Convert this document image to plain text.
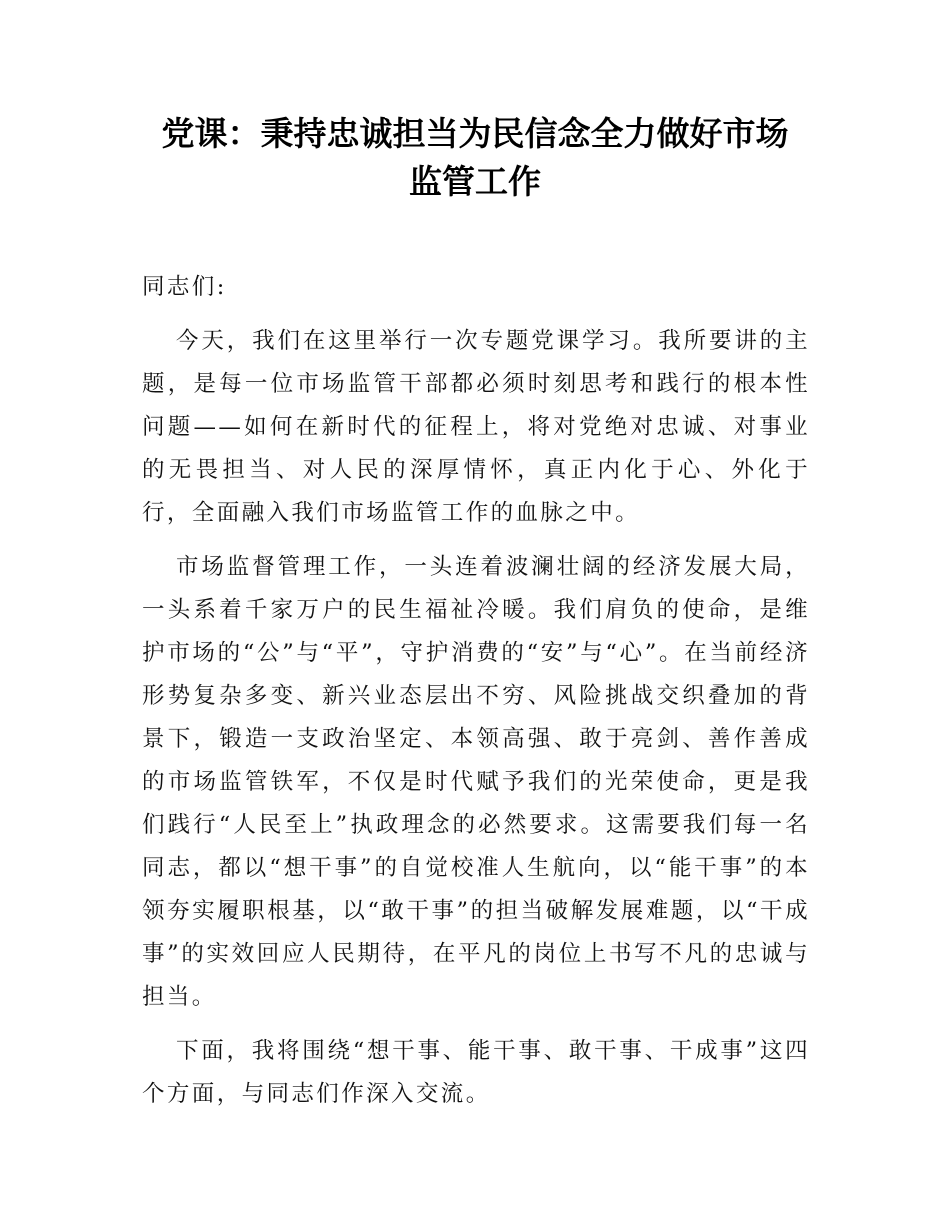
党课：秉持忠诚担当为民信念全力做好市场
监管工作

同志们:

今天，我们在这里举行一次专题党课学习。我所要讲的主题，是每一位市场监管干部都必须时刻思考和践行的根本性问题——如何在新时代的征程上，将对党绝对忠诚、对事业的无畏担当、对人民的深厚情怀，真正内化于心、外化于行，全面融入我们市场监管工作的血脉之中。

市场监督管理工作，一头连着波澜壮阔的经济发展大局，一头系着千家万户的民生福祉冷暖。我们肩负的使命，是维护市场的“公”与“平”，守护消费的“安”与“心”。在当前经济形势复杂多变、新兴业态层出不穷、风险挑战交织叠加的背景下，锻造一支政治坚定、本领高强、敢于亮剑、善作善成的市场监管铁军，不仅是时代赋予我们的光荣使命，更是我们践行“人民至上”执政理念的必然要求。这需要我们每一名同志，都以“想干事”的自觉校准人生航向，以“能干事”的本领夯实履职根基，以“敢干事”的担当破解发展难题，以“干成事”的实效回应人民期待，在平凡的岗位上书写不凡的忠诚与担当。

下面，我将围绕“想干事、能干事、敢干事、干成事”这四个方面，与同志们作深入交流。
